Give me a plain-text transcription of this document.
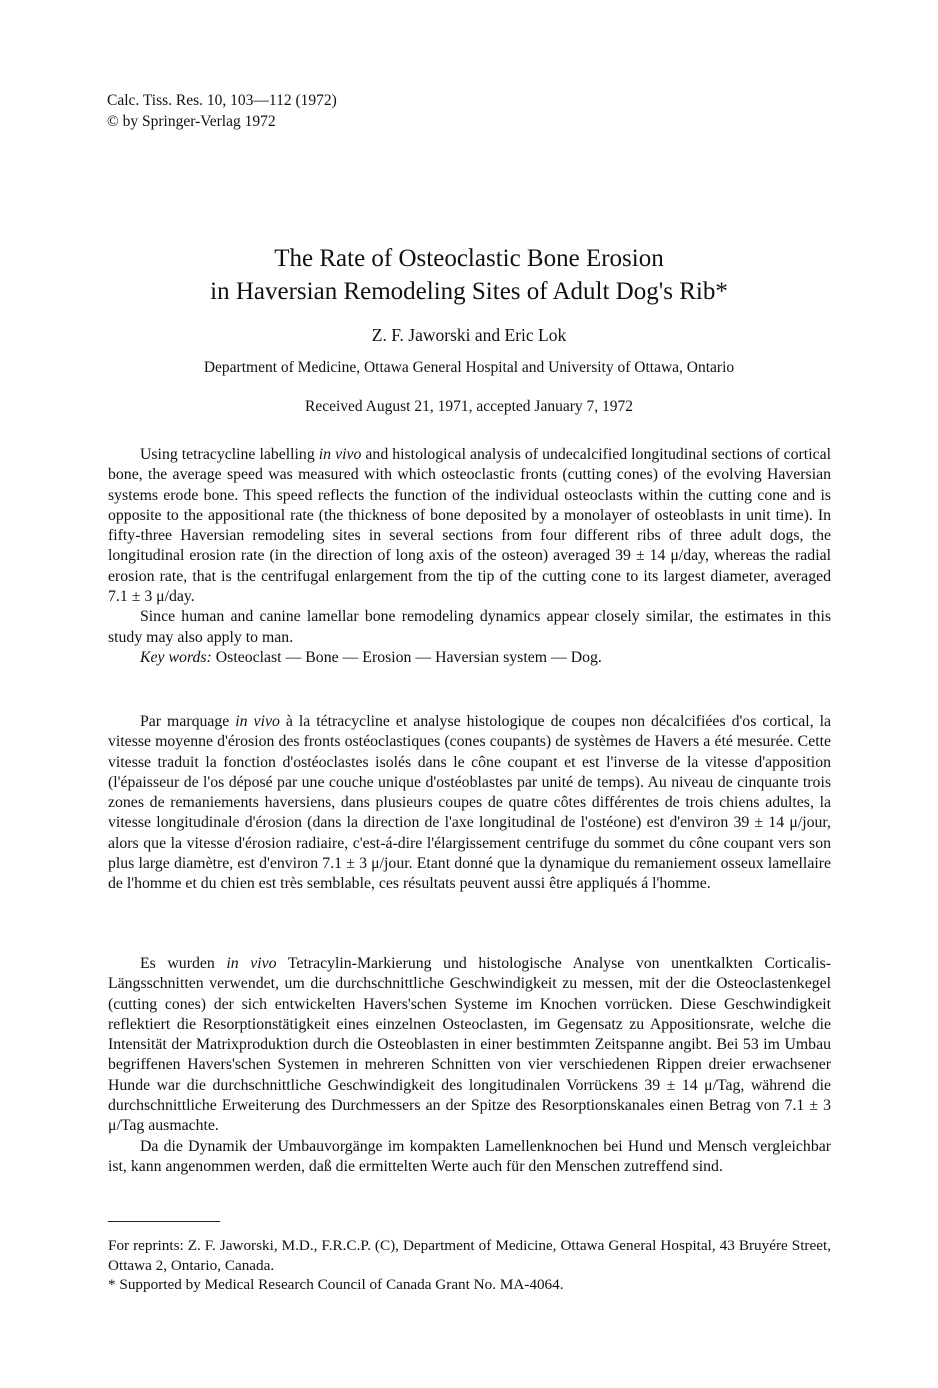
Calc. Tiss. Res. 10, 103—112 (1972)
© by Springer-Verlag 1972
The Rate of Osteoclastic Bone Erosion
in Haversian Remodeling Sites of Adult Dog's Rib*
Z. F. Jaworski and Eric Lok
Department of Medicine, Ottawa General Hospital and University of Ottawa, Ontario
Received August 21, 1971, accepted January 7, 1972

Using tetracycline labelling in vivo and histological analysis of undecalcified longitudinal sections of cortical bone, the average speed was measured with which osteoclastic fronts (cutting cones) of the evolving Haversian systems erode bone. This speed reflects the function of the individual osteoclasts within the cutting cone and is opposite to the appositional rate (the thickness of bone deposited by a monolayer of osteoblasts in unit time). In fifty-three Haversian remodeling sites in several sections from four different ribs of three adult dogs, the longitudinal erosion rate (in the direction of long axis of the osteon) averaged 39 ± 14 μ/day, whereas the radial erosion rate, that is the centrifugal enlargement from the tip of the cutting cone to its largest diameter, averaged 7.1 ± 3 μ/day.

Since human and canine lamellar bone remodeling dynamics appear closely similar, the estimates in this study may also apply to man.

Key words: Osteoclast — Bone — Erosion — Haversian system — Dog.

Par marquage in vivo à la tétracycline et analyse histologique de coupes non décalcifiées d'os cortical, la vitesse moyenne d'érosion des fronts ostéoclastiques (cones coupants) de systèmes de Havers a été mesurée. Cette vitesse traduit la fonction d'ostéoclastes isolés dans le cône coupant et est l'inverse de la vitesse d'apposition (l'épaisseur de l'os déposé par une couche unique d'ostéoblastes par unité de temps). Au niveau de cinquante trois zones de remaniements haversiens, dans plusieurs coupes de quatre côtes différentes de trois chiens adultes, la vitesse longitudinale d'érosion (dans la direction de l'axe longitudinal de l'ostéone) est d'environ 39 ± 14 μ/jour, alors que la vitesse d'érosion radiaire, c'est-á-dire l'élargissement centrifuge du sommet du cône coupant vers son plus large diamètre, est d'environ 7.1 ± 3 μ/jour. Etant donné que la dynamique du remaniement osseux lamellaire de l'homme et du chien est très semblable, ces résultats peuvent aussi être appliqués á l'homme.

Es wurden in vivo Tetracylin-Markierung und histologische Analyse von unentkalkten Corticalis-Längsschnitten verwendet, um die durchschnittliche Geschwindigkeit zu messen, mit der die Osteoclastenkegel (cutting cones) der sich entwickelten Havers'schen Systeme im Knochen vorrücken. Diese Geschwindigkeit reflektiert die Resorptionstätigkeit eines einzelnen Osteoclasten, im Gegensatz zu Appositionsrate, welche die Intensität der Matrixproduktion durch die Osteoblasten in einer bestimmten Zeitspanne angibt. Bei 53 im Umbau begriffenen Havers'schen Systemen in mehreren Schnitten von vier verschiedenen Rippen dreier erwachsener Hunde war die durchschnittliche Geschwindigkeit des longitudinalen Vorrückens 39 ± 14 μ/Tag, während die durchschnittliche Erweiterung des Durchmessers an der Spitze des Resorptionskanales einen Betrag von 7.1 ± 3 μ/Tag ausmachte.

Da die Dynamik der Umbauvorgänge im kompakten Lamellenknochen bei Hund und Mensch vergleichbar ist, kann angenommen werden, daß die ermittelten Werte auch für den Menschen zutreffend sind.

For reprints: Z. F. Jaworski, M.D., F.R.C.P. (C), Department of Medicine, Ottawa General Hospital, 43 Bruyére Street, Ottawa 2, Ontario, Canada.

* Supported by Medical Research Council of Canada Grant No. MA-4064.
